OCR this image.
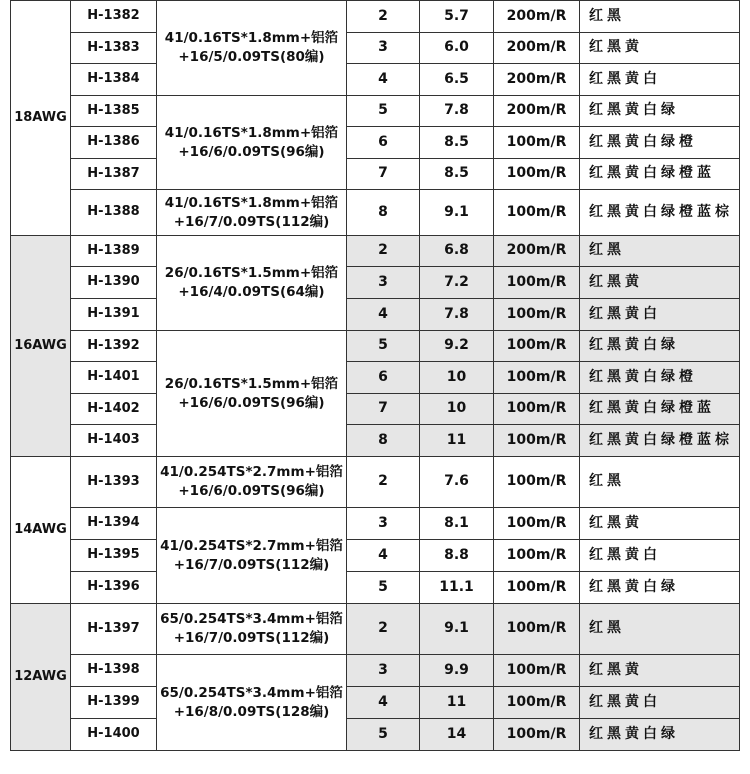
18AWG	H-1382	41/0.16TS*1.8mm+铝箔+16/5/0.09TS(80编)	2	5.7	200m/R	红黑
	H-1383		3	6.0	200m/R	红黑黄
	H-1384		4	6.5	200m/R	红黑黄白
	H-1385	41/0.16TS*1.8mm+铝箔+16/6/0.09TS(96编)	5	7.8	200m/R	红黑黄白绿
	H-1386		6	8.5	100m/R	红黑黄白绿橙
	H-1387		7	8.5	100m/R	红黑黄白绿橙蓝
	H-1388	41/0.16TS*1.8mm+铝箔+16/7/0.09TS(112编)	8	9.1	100m/R	红黑黄白绿橙蓝棕
16AWG	H-1389	26/0.16TS*1.5mm+铝箔+16/4/0.09TS(64编)	2	6.8	200m/R	红黑
	H-1390		3	7.2	100m/R	红黑黄
	H-1391		4	7.8	100m/R	红黑黄白
	H-1392	26/0.16TS*1.5mm+铝箔+16/6/0.09TS(96编)	5	9.2	100m/R	红黑黄白绿
	H-1401		6	10	100m/R	红黑黄白绿橙
	H-1402		7	10	100m/R	红黑黄白绿橙蓝
	H-1403		8	11	100m/R	红黑黄白绿橙蓝棕
14AWG	H-1393	41/0.254TS*2.7mm+铝箔+16/6/0.09TS(96编)	2	7.6	100m/R	红黑
	H-1394	41/0.254TS*2.7mm+铝箔+16/7/0.09TS(112编)	3	8.1	100m/R	红黑黄
	H-1395		4	8.8	100m/R	红黑黄白
	H-1396		5	11.1	100m/R	红黑黄白绿
12AWG	H-1397	65/0.254TS*3.4mm+铝箔+16/7/0.09TS(112编)	2	9.1	100m/R	红黑
	H-1398	65/0.254TS*3.4mm+铝箔+16/8/0.09TS(128编)	3	9.9	100m/R	红黑黄
	H-1399		4	11	100m/R	红黑黄白
	H-1400		5	14	100m/R	红黑黄白绿
